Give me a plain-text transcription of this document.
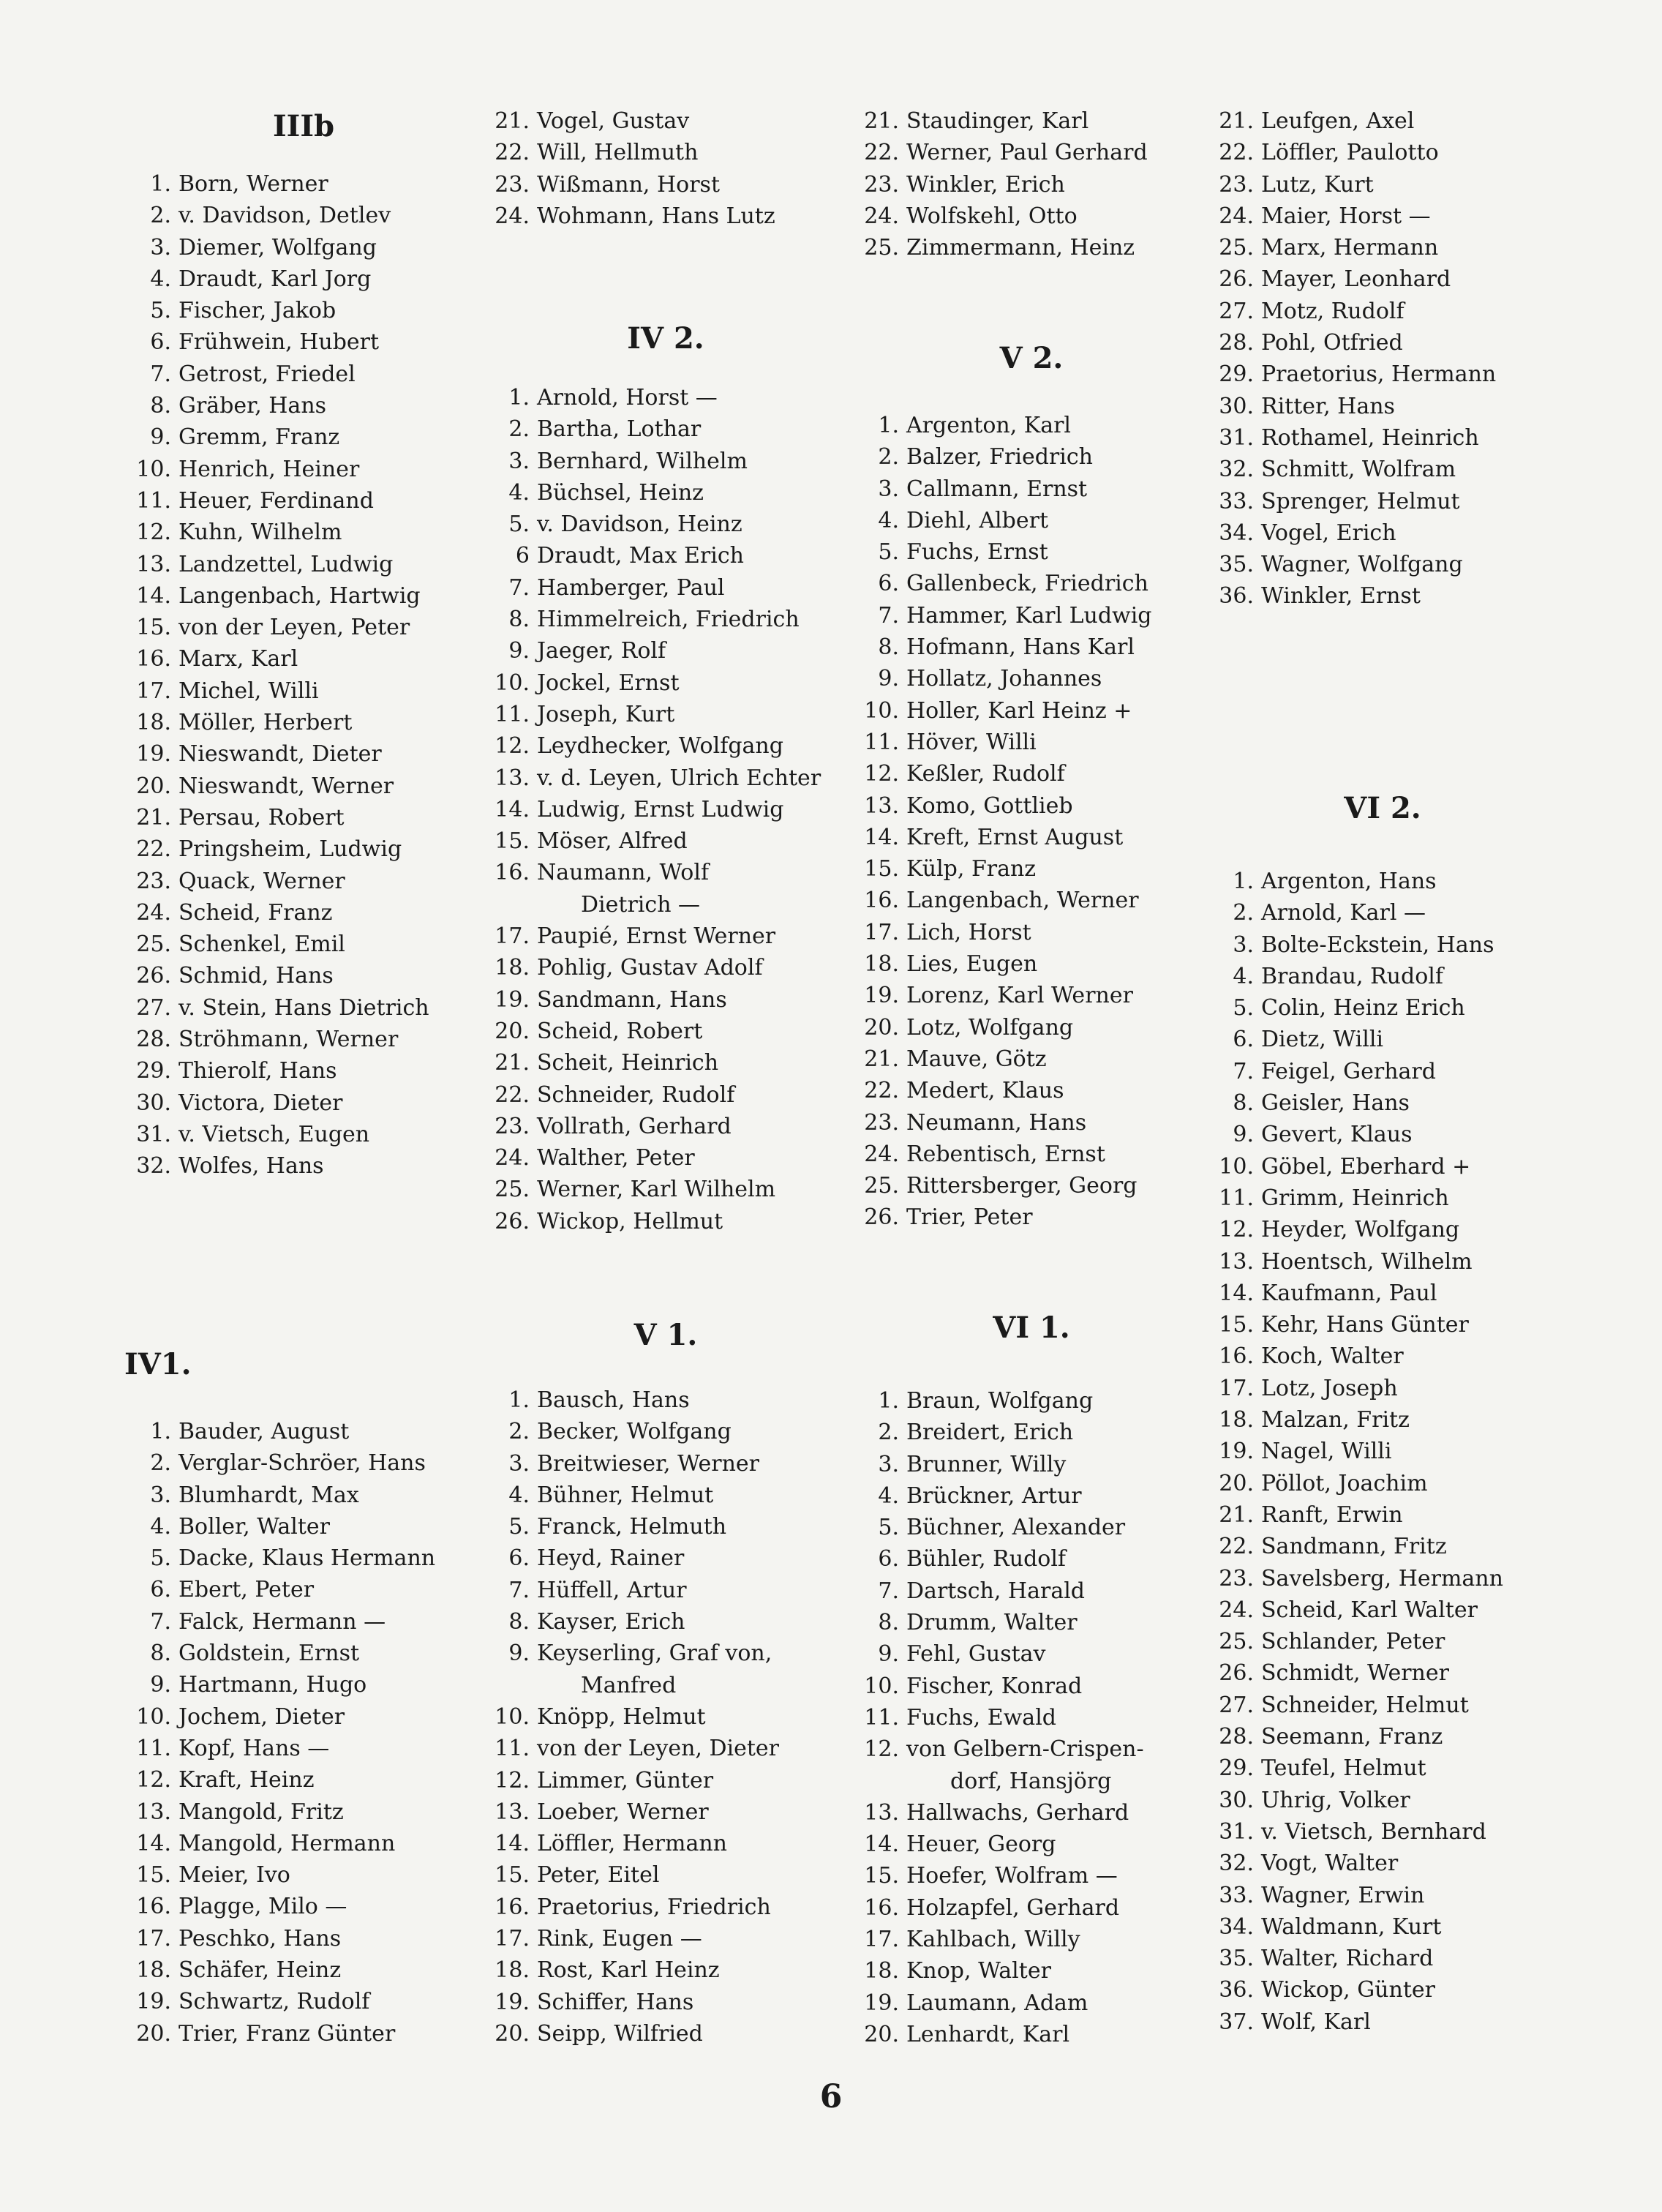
IIIb
1. Born, Werner
2. v. Davidson, Detlev
3. Diemer, Wolfgang
4. Draudt, Karl Jorg
5. Fischer, Jakob
6. Frühwein, Hubert
7. Getrost, Friedel
8. Gräber, Hans
9. Gremm, Franz
10. Henrich, Heiner
11. Heuer, Ferdinand
12. Kuhn, Wilhelm
13. Landzettel, Ludwig
14. Langenbach, Hartwig
15. von der Leyen, Peter
16. Marx, Karl
17. Michel, Willi
18. Möller, Herbert
19. Nieswandt, Dieter
20. Nieswandt, Werner
21. Persau, Robert
22. Pringsheim, Ludwig
23. Quack, Werner
24. Scheid, Franz
25. Schenkel, Emil
26. Schmid, Hans
27. v. Stein, Hans Dietrich
28. Ströhmann, Werner
29. Thierolf, Hans
30. Victora, Dieter
31. v. Vietsch, Eugen
32. Wolfes, Hans
IV1.
1. Bauder, August
2. Verglar-Schröer, Hans
3. Blumhardt, Max
4. Boller, Walter
5. Dacke, Klaus Hermann
6. Ebert, Peter
7. Falck, Hermann —
8. Goldstein, Ernst
9. Hartmann, Hugo
10. Jochem, Dieter
11. Kopf, Hans —
12. Kraft, Heinz
13. Mangold, Fritz
14. Mangold, Hermann
15. Meier, Ivo
16. Plagge, Milo —
17. Peschko, Hans
18. Schäfer, Heinz
19. Schwartz, Rudolf
20. Trier, Franz Günter
21. Vogel, Gustav
22. Will, Hellmuth
23. Wißmann, Horst
24. Wohmann, Hans Lutz
IV 2.
1. Arnold, Horst —
2. Bartha, Lothar
3. Bernhard, Wilhelm
4. Büchsel, Heinz
5. v. Davidson, Heinz
6 Draudt, Max Erich
7. Hamberger, Paul
8. Himmelreich, Friedrich
9. Jaeger, Rolf
10. Jockel, Ernst
11. Joseph, Kurt
12. Leydhecker, Wolfgang
13. v. d. Leyen, Ulrich Echter
14. Ludwig, Ernst Ludwig
15. Möser, Alfred
16. Naumann, Wolf
Dietrich —
17. Paupié, Ernst Werner
18. Pohlig, Gustav Adolf
19. Sandmann, Hans
20. Scheid, Robert
21. Scheit, Heinrich
22. Schneider, Rudolf
23. Vollrath, Gerhard
24. Walther, Peter
25. Werner, Karl Wilhelm
26. Wickop, Hellmut
V 1.
1. Bausch, Hans
2. Becker, Wolfgang
3. Breitwieser, Werner
4. Bühner, Helmut
5. Franck, Helmuth
6. Heyd, Rainer
7. Hüffell, Artur
8. Kayser, Erich
9. Keyserling, Graf von,
Manfred
10. Knöpp, Helmut
11. von der Leyen, Dieter
12. Limmer, Günter
13. Loeber, Werner
14. Löffler, Hermann
15. Peter, Eitel
16. Praetorius, Friedrich
17. Rink, Eugen —
18. Rost, Karl Heinz
19. Schiffer, Hans
20. Seipp, Wilfried
21. Staudinger, Karl
22. Werner, Paul Gerhard
23. Winkler, Erich
24. Wolfskehl, Otto
25. Zimmermann, Heinz
V 2.
1. Argenton, Karl
2. Balzer, Friedrich
3. Callmann, Ernst
4. Diehl, Albert
5. Fuchs, Ernst
6. Gallenbeck, Friedrich
7. Hammer, Karl Ludwig
8. Hofmann, Hans Karl
9. Hollatz, Johannes
10. Holler, Karl Heinz +
11. Höver, Willi
12. Keßler, Rudolf
13. Komo, Gottlieb
14. Kreft, Ernst August
15. Külp, Franz
16. Langenbach, Werner
17. Lich, Horst
18. Lies, Eugen
19. Lorenz, Karl Werner
20. Lotz, Wolfgang
21. Mauve, Götz
22. Medert, Klaus
23. Neumann, Hans
24. Rebentisch, Ernst
25. Rittersberger, Georg
26. Trier, Peter
VI 1.
1. Braun, Wolfgang
2. Breidert, Erich
3. Brunner, Willy
4. Brückner, Artur
5. Büchner, Alexander
6. Bühler, Rudolf
7. Dartsch, Harald
8. Drumm, Walter
9. Fehl, Gustav
10. Fischer, Konrad
11. Fuchs, Ewald
12. von Gelbern-Crispen-
dorf, Hansjörg
13. Hallwachs, Gerhard
14. Heuer, Georg
15. Hoefer, Wolfram —
16. Holzapfel, Gerhard
17. Kahlbach, Willy
18. Knop, Walter
19. Laumann, Adam
20. Lenhardt, Karl
21. Leufgen, Axel
22. Löffler, Paulotto
23. Lutz, Kurt
24. Maier, Horst —
25. Marx, Hermann
26. Mayer, Leonhard
27. Motz, Rudolf
28. Pohl, Otfried
29. Praetorius, Hermann
30. Ritter, Hans
31. Rothamel, Heinrich
32. Schmitt, Wolfram
33. Sprenger, Helmut
34. Vogel, Erich
35. Wagner, Wolfgang
36. Winkler, Ernst
VI 2.
1. Argenton, Hans
2. Arnold, Karl —
3. Bolte-Eckstein, Hans
4. Brandau, Rudolf
5. Colin, Heinz Erich
6. Dietz, Willi
7. Feigel, Gerhard
8. Geisler, Hans
9. Gevert, Klaus
10. Göbel, Eberhard +
11. Grimm, Heinrich
12. Heyder, Wolfgang
13. Hoentsch, Wilhelm
14. Kaufmann, Paul
15. Kehr, Hans Günter
16. Koch, Walter
17. Lotz, Joseph
18. Malzan, Fritz
19. Nagel, Willi
20. Pöllot, Joachim
21. Ranft, Erwin
22. Sandmann, Fritz
23. Savelsberg, Hermann
24. Scheid, Karl Walter
25. Schlander, Peter
26. Schmidt, Werner
27. Schneider, Helmut
28. Seemann, Franz
29. Teufel, Helmut
30. Uhrig, Volker
31. v. Vietsch, Bernhard
32. Vogt, Walter
33. Wagner, Erwin
34. Waldmann, Kurt
35. Walter, Richard
36. Wickop, Günter
37. Wolf, Karl
6
